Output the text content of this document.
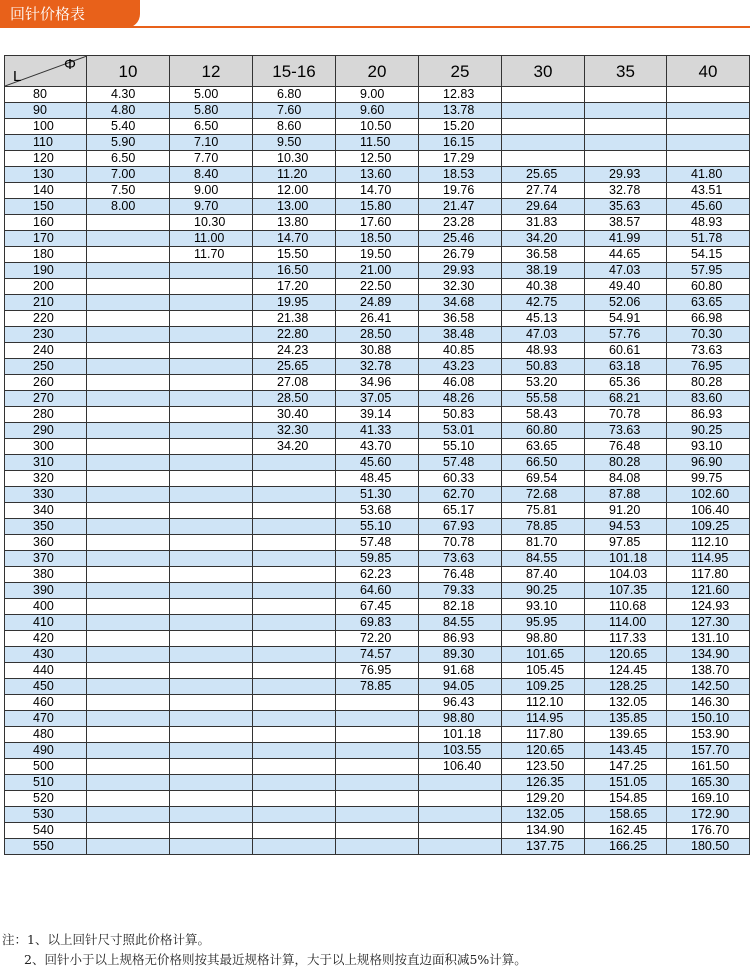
回针价格表
L
Φ	10	12	15-16	20	25	30	35	40
80	4.30	5.00	6.80	9.00	12.83			
90	4.80	5.80	7.60	9.60	13.78			
100	5.40	6.50	8.60	10.50	15.20			
110	5.90	7.10	9.50	11.50	16.15			
120	6.50	7.70	10.30	12.50	17.29			
130	7.00	8.40	11.20	13.60	18.53	25.65	29.93	41.80
140	7.50	9.00	12.00	14.70	19.76	27.74	32.78	43.51
150	8.00	9.70	13.00	15.80	21.47	29.64	35.63	45.60
160		10.30	13.80	17.60	23.28	31.83	38.57	48.93
170		11.00	14.70	18.50	25.46	34.20	41.99	51.78
180		11.70	15.50	19.50	26.79	36.58	44.65	54.15
190			16.50	21.00	29.93	38.19	47.03	57.95
200			17.20	22.50	32.30	40.38	49.40	60.80
210			19.95	24.89	34.68	42.75	52.06	63.65
220			21.38	26.41	36.58	45.13	54.91	66.98
230			22.80	28.50	38.48	47.03	57.76	70.30
240			24.23	30.88	40.85	48.93	60.61	73.63
250			25.65	32.78	43.23	50.83	63.18	76.95
260			27.08	34.96	46.08	53.20	65.36	80.28
270			28.50	37.05	48.26	55.58	68.21	83.60
280			30.40	39.14	50.83	58.43	70.78	86.93
290			32.30	41.33	53.01	60.80	73.63	90.25
300			34.20	43.70	55.10	63.65	76.48	93.10
310				45.60	57.48	66.50	80.28	96.90
320				48.45	60.33	69.54	84.08	99.75
330				51.30	62.70	72.68	87.88	102.60
340				53.68	65.17	75.81	91.20	106.40
350				55.10	67.93	78.85	94.53	109.25
360				57.48	70.78	81.70	97.85	112.10
370				59.85	73.63	84.55	101.18	114.95
380				62.23	76.48	87.40	104.03	117.80
390				64.60	79.33	90.25	107.35	121.60
400				67.45	82.18	93.10	110.68	124.93
410				69.83	84.55	95.95	114.00	127.30
420				72.20	86.93	98.80	117.33	131.10
430				74.57	89.30	101.65	120.65	134.90
440				76.95	91.68	105.45	124.45	138.70
450				78.85	94.05	109.25	128.25	142.50
460					96.43	112.10	132.05	146.30
470					98.80	114.95	135.85	150.10
480					101.18	117.80	139.65	153.90
490					103.55	120.65	143.45	157.70
500					106.40	123.50	147.25	161.50
510						126.35	151.05	165.30
520						129.20	154.85	169.10
530						132.05	158.65	172.90
540						134.90	162.45	176.70
550						137.75	166.25	180.50
注：1、以上回针尺寸照此价格计算。
2、回针小于以上规格无价格则按其最近规格计算，大于以上规格则按直边面积减5%计算。
